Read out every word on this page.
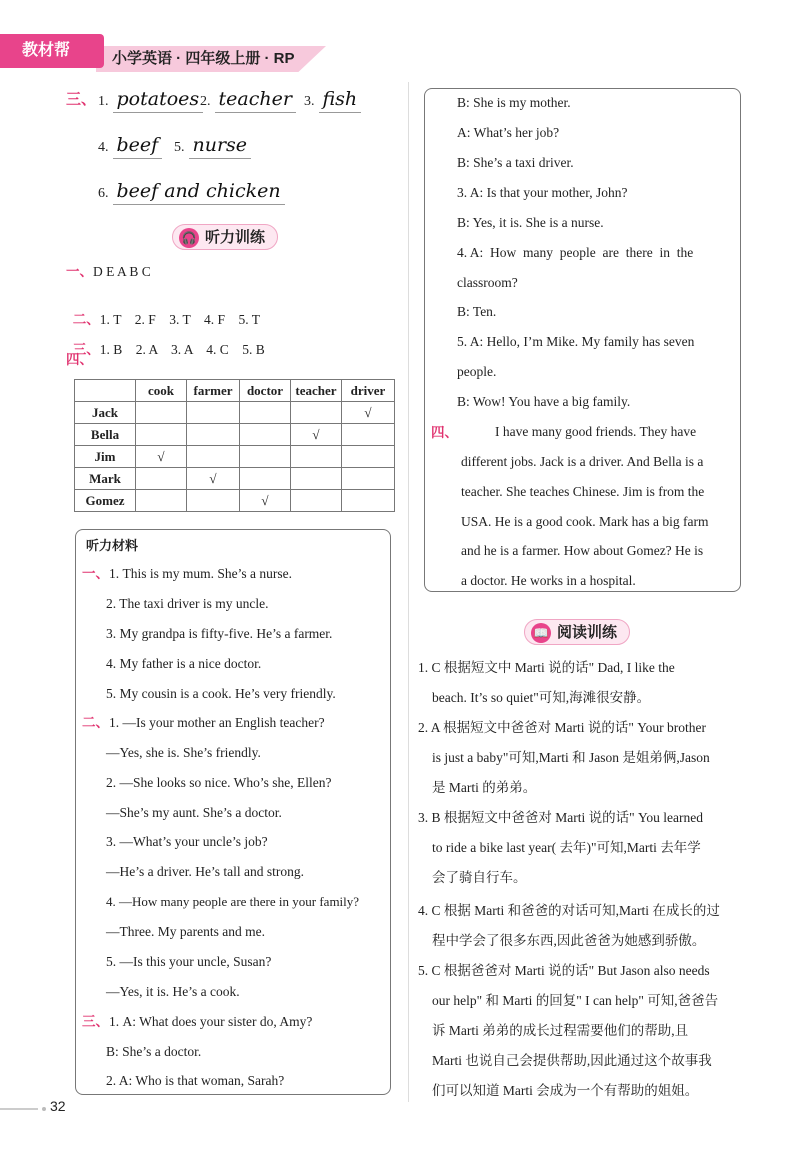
教材帮	小学英语 · 四年级上册 · RP
三、 1. potatoes 2. teacher 3. fish
4. beef 5. nurse
6. beef and chicken
🎧 听力训练
一、D E A B C

二、1. T    2. F    3. T    4. F    5. T

三、1. B    2. A    3. A    4. C    5. B

四、
	cook	farmer	doctor	teacher	driver
Jack					√
Bella				√	
Jim	√				
Mark		√			
Gomez			√		
听力材料
一、1. This is my mum. She’s a nurse.
2. The taxi driver is my uncle.
3. My grandpa is fifty-five. He’s a farmer.
4. My father is a nice doctor.
5. My cousin is a cook. He’s very friendly.
二、1. —Is your mother an English teacher?
—Yes, she is. She’s friendly.
2. —She looks so nice. Who’s she, Ellen?
—She’s my aunt. She’s a doctor.
3. —What’s your uncle’s job?
—He’s a driver. He’s tall and strong.
4. —How many people are there in your family?
—Three. My parents and me.
5. —Is this your uncle, Susan?
—Yes, it is. He’s a cook.
三、1. A: What does your sister do, Amy?
B: She’s a doctor.
2. A: Who is that woman, Sarah?
B: She is my mother.
A: What’s her job?
B: She’s a taxi driver.
3. A: Is that your mother, John?
B: Yes, it is. She is a nurse.
4. A:  How  many  people  are  there  in  the
classroom?
B: Ten.
5. A: Hello, I’m Mike. My family has seven
people.
B: Wow! You have a big family.
四、	I have many good friends. They have
different jobs. Jack is a driver. And Bella is a
teacher. She teaches Chinese. Jim is from the
USA. He is a good cook. Mark has a big farm
and he is a farmer. How about Gomez? He is
a doctor. He works in a hospital.
📖 阅读训练
1. C 根据短文中 Marti 说的话" Dad, I like the
beach. It’s so quiet"可知,海滩很安静。
2. A 根据短文中爸爸对 Marti 说的话" Your brother
is just a baby"可知,Marti 和 Jason 是姐弟俩,Jason
是 Marti 的弟弟。
3. B 根据短文中爸爸对 Marti 说的话" You learned
to ride a bike last year( 去年)"可知,Marti 去年学
会了骑自行车。
4. C 根据 Marti 和爸爸的对话可知,Marti 在成长的过
程中学会了很多东西,因此爸爸为她感到骄傲。
5. C 根据爸爸对 Marti 说的话" But Jason also needs
our help" 和 Marti 的回复" I can help" 可知,爸爸告
诉 Marti 弟弟的成长过程需要他们的帮助,且
Marti 也说自己会提供帮助,因此通过这个故事我
们可以知道 Marti 会成为一个有帮助的姐姐。
32
